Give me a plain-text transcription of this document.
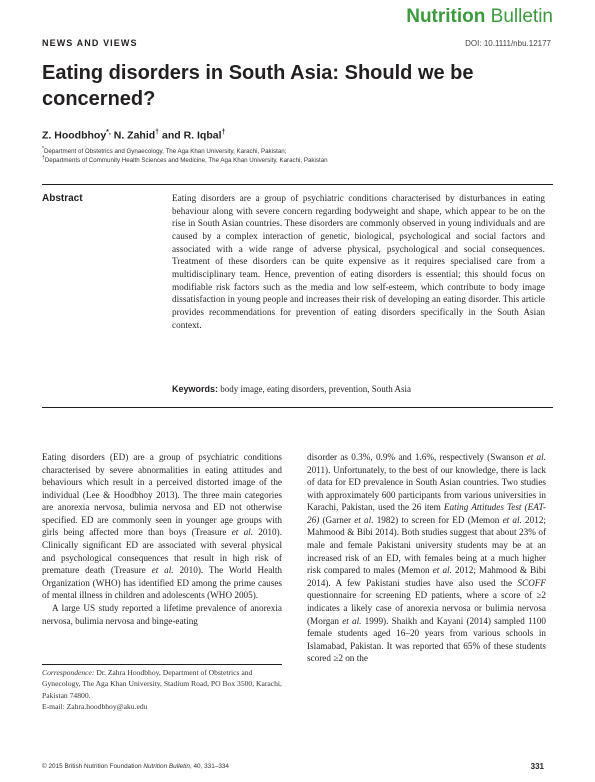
Nutrition Bulletin
NEWS AND VIEWS	DOI: 10.1111/nbu.12177
Eating disorders in South Asia: Should we be concerned?
Z. Hoodbhoy*, N. Zahid† and R. Iqbal†
*Department of Obstetrics and Gynaecology, The Aga Khan University, Karachi, Pakistan;
†Departments of Community Health Sciences and Medicine, The Aga Khan University, Karachi, Pakistan
Abstract	Eating disorders are a group of psychiatric conditions characterised by disturbances in eating behaviour along with severe concern regarding bodyweight and shape, which appear to be on the rise in South Asian countries. These disorders are commonly observed in young individuals and are caused by a complex interaction of genetic, biological, psychological and social factors and associated with a wide range of adverse physical, psychological and social consequences. Treatment of these disorders can be quite expensive as it requires specialised care from a multidisciplinary team. Hence, prevention of eating disorders is essential; this should focus on modifiable risk factors such as the media and low self-esteem, which contribute to body image dissatisfaction in young people and increases their risk of developing an eating disorder. This article provides recommendations for prevention of eating disorders specifically in the South Asian context.
Keywords: body image, eating disorders, prevention, South Asia

Eating disorders (ED) are a group of psychiatric conditions characterised by severe abnormalities in eating attitudes and behaviours which result in a perceived distorted image of the individual (Lee & Hoodbhoy 2013). The three main categories are anorexia nervosa, bulimia nervosa and ED not otherwise specified. ED are commonly seen in younger age groups with girls being affected more than boys (Treasure et al. 2010). Clinically significant ED are associated with several physical and psychological consequences that result in high risk of premature death (Treasure et al. 2010). The World Health Organization (WHO) has identified ED among the prime causes of mental illness in children and adolescents (WHO 2005).

A large US study reported a lifetime prevalence of anorexia nervosa, bulimia nervosa and binge-eating

disorder as 0.3%, 0.9% and 1.6%, respectively (Swanson et al. 2011). Unfortunately, to the best of our knowledge, there is lack of data for ED prevalence in South Asian countries. Two studies with approximately 600 participants from various universities in Karachi, Pakistan, used the 26 item Eating Attitudes Test (EAT-26) (Garner et al. 1982) to screen for ED (Memon et al. 2012; Mahmood & Bibi 2014). Both studies suggest that about 23% of male and female Pakistani university students may be at an increased risk of an ED, with females being at a much higher risk compared to males (Memon et al. 2012; Mahmood & Bibi 2014). A few Pakistani studies have also used the SCOFF questionnaire for screening ED patients, where a score of ≥2 indicates a likely case of anorexia nervosa or bulimia nervosa (Morgan et al. 1999). Shaikh and Kayani (2014) sampled 1100 female students aged 16–20 years from various schools in Islamabad, Pakistan. It was reported that 65% of these students scored ≥2 on the

Correspondence: Dr. Zahra Hoodbhoy, Department of Obstetrics and Gynecology, The Aga Khan University, Stadium Road, PO Box 3500, Karachi, Pakistan 74800.
E-mail: Zahra.hoodbhoy@aku.edu
© 2015 British Nutrition Foundation Nutrition Bulletin, 40, 331–334	331
